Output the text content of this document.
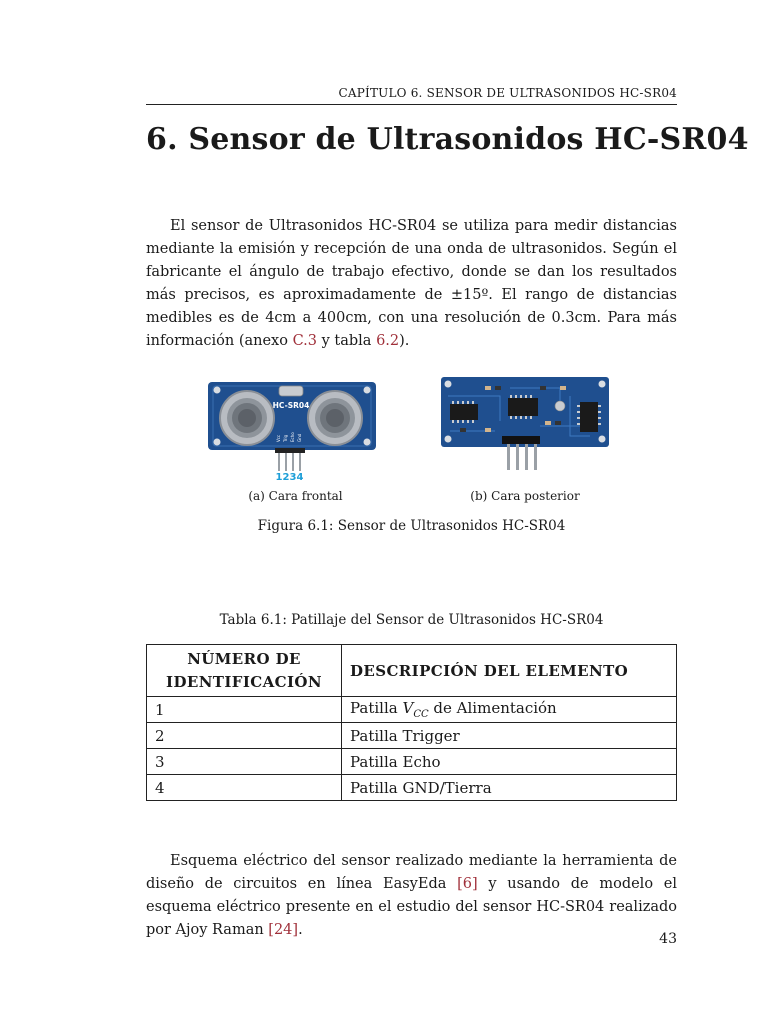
CAPÍTULO 6. SENSOR DE ULTRASONIDOS HC-SR04
6. Sensor de Ultrasonidos HC-SR04

El sensor de Ultrasonidos HC-SR04 se utiliza para medir distancias mediante la emisión y recepción de una onda de ultrasonidos. Según el fabricante el ángulo de trabajo efectivo, donde se dan los resultados más precisos, es aproximadamente de ±15º. El rango de distancias medibles es de 4cm a 400cm, con una resolución de 0.3cm. Para más información (anexo C.3 y tabla 6.2).

HC-SR04
Vcc Trig Echo Gnd
1 2 3 4
(a) Cara frontal	(b) Cara posterior
Figura 6.1: Sensor de Ultrasonidos HC-SR04
Tabla 6.1: Patillaje del Sensor de Ultrasonidos HC-SR04
NÚMERO DE
IDENTIFICACIÓN	DESCRIPCIÓN DEL ELEMENTO
1	Patilla $V_{CC}$ de Alimentación
2	Patilla Trigger
3	Patilla Echo
4	Patilla GND/Tierra

Esquema eléctrico del sensor realizado mediante la herramienta de diseño de circuitos en línea EasyEda [6] y usando de modelo el esquema eléctrico presente en el estudio del sensor HC-SR04 realizado por Ajoy Raman [24].

43
